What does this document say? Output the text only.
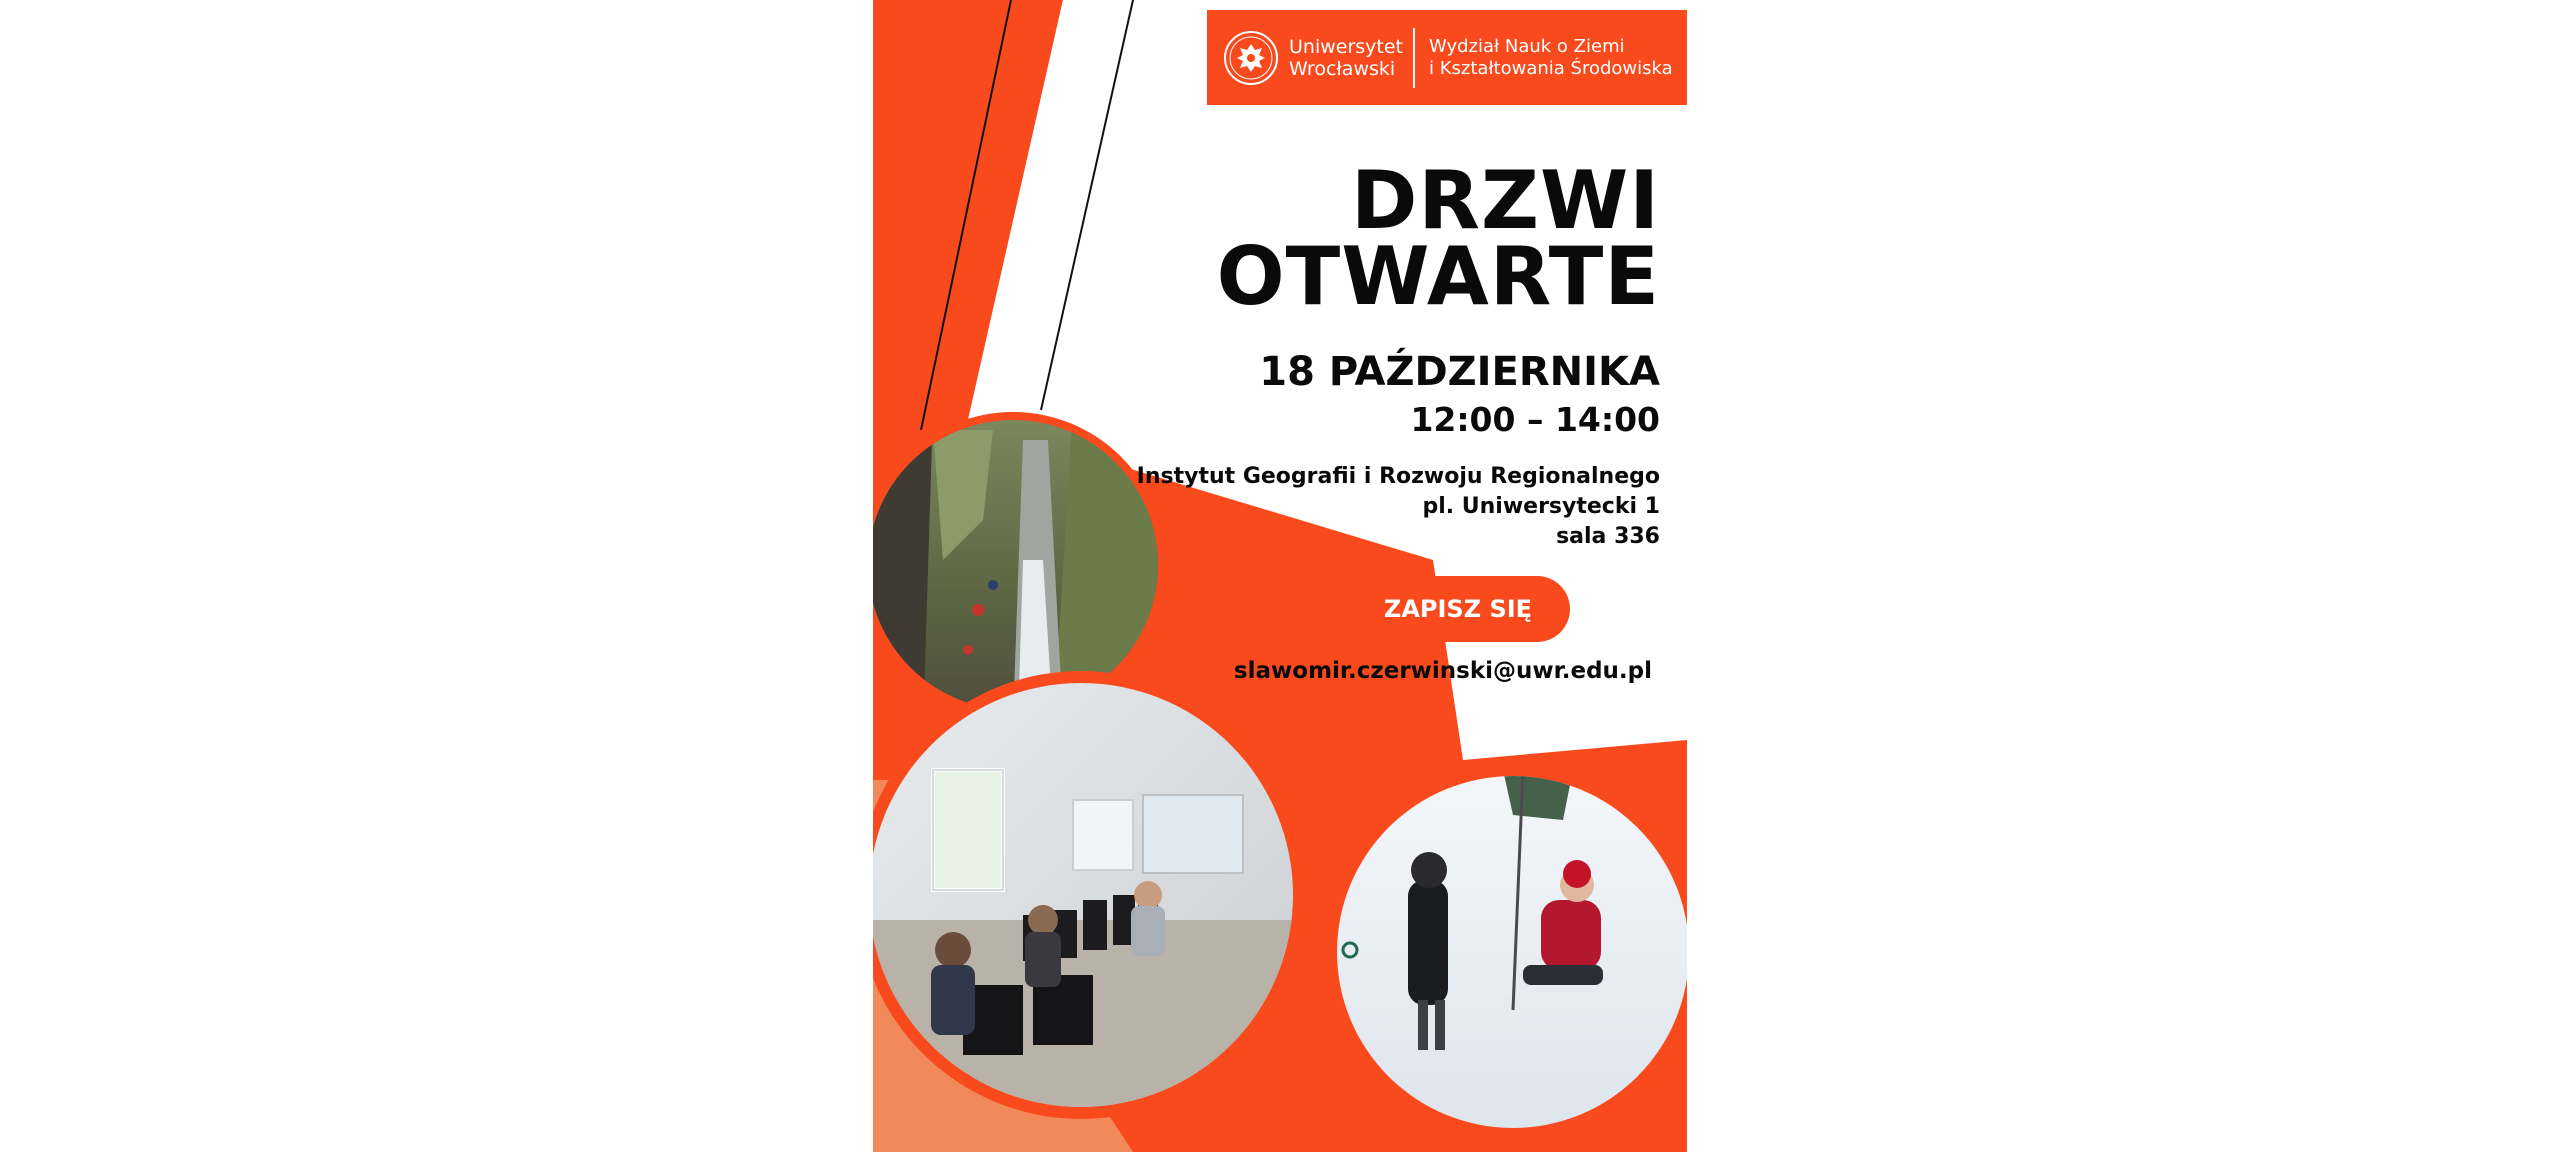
Uniwersytet
Wrocławski
Wydział Nauk o Ziemi
i Kształtowania Środowiska
DRZWI
OTWARTE
18 PAŹDZIERNIKA
12:00 – 14:00
Instytut Geografii i Rozwoju Regionalnego
pl. Uniwersytecki 1
sala 336
ZAPISZ SIĘ
slawomir.czerwinski@uwr.edu.pl
